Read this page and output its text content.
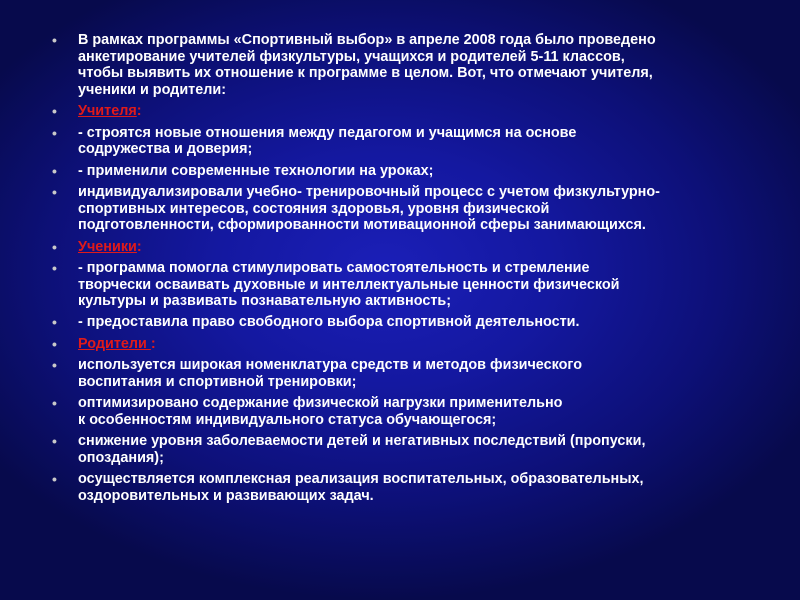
• В рамках программы «Спортивный выбор» в апреле 2008 года было проведено
анкетирование учителей физкультуры, учащихся и родителей 5-11 классов,
чтобы выявить их отношение к программе в целом. Вот, что отмечают учителя,
ученики и родители:
• Учителя:
• - строятся новые отношения между педагогом и учащимся на основе
содружества и доверия;
• - применили современные технологии на уроках;
• индивидуализировали учебно- тренировочный процесс с учетом физкультурно-
спортивных интересов, состояния здоровья, уровня физической
подготовленности, сформированности мотивационной сферы занимающихся.
• Ученики:
• - программа помогла стимулировать самостоятельность и стремление
творчески осваивать духовные и интеллектуальные ценности физической
культуры и развивать познавательную активность;
• - предоставила право свободного выбора спортивной деятельности.
• Родители :
• используется широкая номенклатура средств и методов физического
воспитания и спортивной тренировки;
• оптимизировано содержание физической нагрузки применительно
к особенностям индивидуального статуса обучающегося;
• снижение уровня заболеваемости детей и негативных последствий (пропуски,
опоздания);
• осуществляется комплексная реализация воспитательных, образовательных,
оздоровительных и развивающих задач.
